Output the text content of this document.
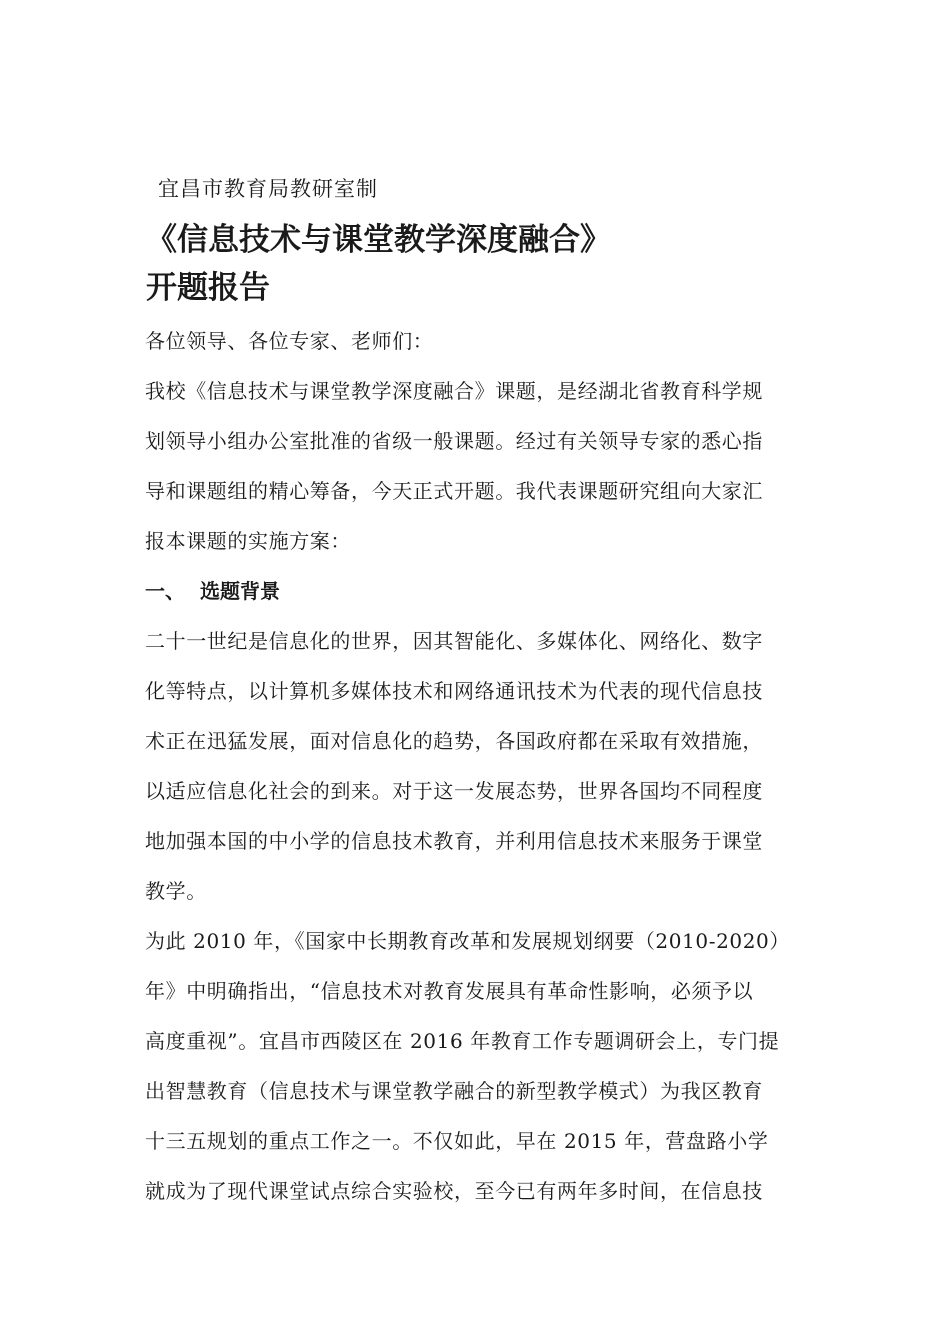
宜昌市教育局教研室制
《信息技术与课堂教学深度融合》
开题报告

各位领导、各位专家、老师们：

我校《信息技术与课堂教学深度融合》课题，是经湖北省教育科学规
划领导小组办公室批准的省级一般课题。经过有关领导专家的悉心指
导和课题组的精心筹备，今天正式开题。我代表课题研究组向大家汇
报本课题的实施方案：

一、 选题背景

二十一世纪是信息化的世界，因其智能化、多媒体化、网络化、数字
化等特点，以计算机多媒体技术和网络通讯技术为代表的现代信息技
术正在迅猛发展，面对信息化的趋势，各国政府都在采取有效措施，
以适应信息化社会的到来。对于这一发展态势，世界各国均不同程度
地加强本国的中小学的信息技术教育，并利用信息技术来服务于课堂
教学。

为此 2010 年，《国家中长期教育改革和发展规划纲要（2010-2020）
年》中明确指出，“信息技术对教育发展具有革命性影响，必须予以
高度重视”。宜昌市西陵区在 2016 年教育工作专题调研会上，专门提
出智慧教育（信息技术与课堂教学融合的新型教学模式）为我区教育
十三五规划的重点工作之一。不仅如此，早在 2015 年，营盘路小学
就成为了现代课堂试点综合实验校，至今已有两年多时间，在信息技
